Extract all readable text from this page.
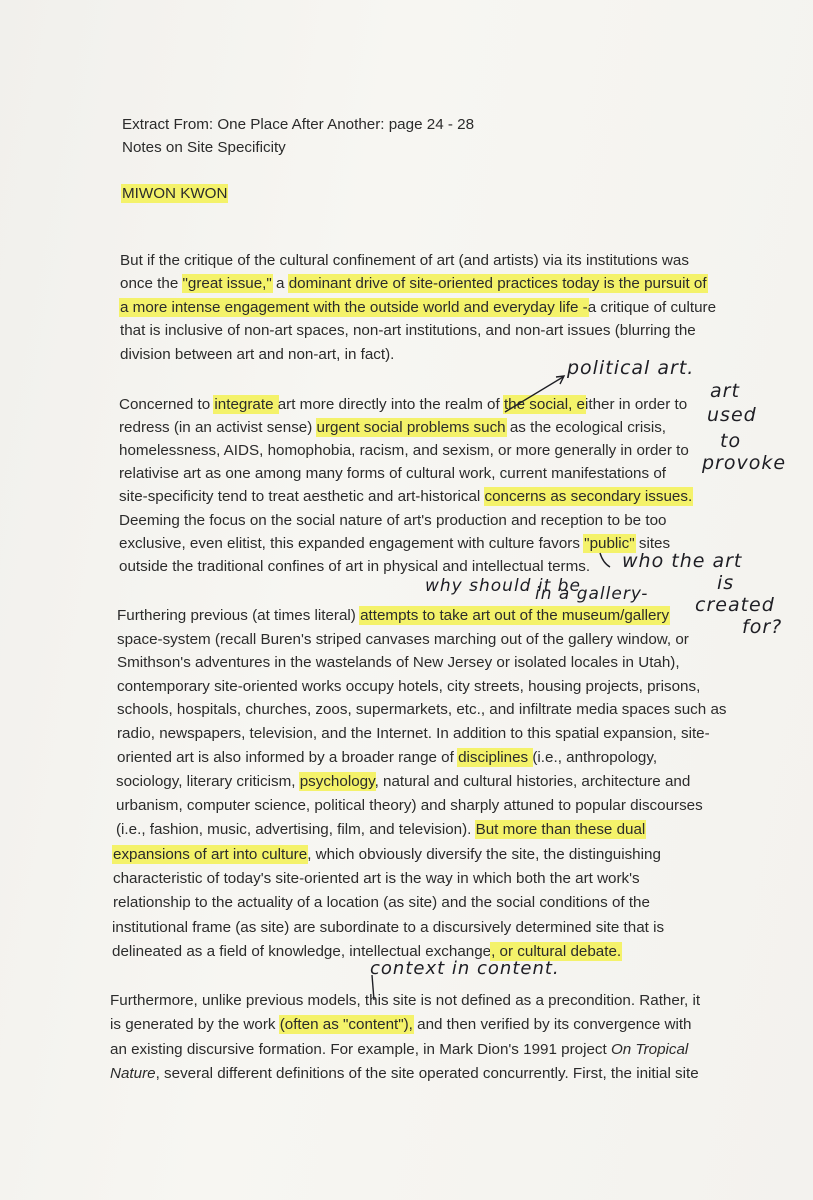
Extract From: One Place After Another: page 24 - 28
Notes on Site Specificity
MIWON KWON
But if the critique of the cultural confinement of art (and artists) via its institutions was
once the "great issue," a dominant drive of site-oriented practices today is the pursuit of
a more intense engagement with the outside world and everyday life -a critique of culture
that is inclusive of non-art spaces, non-art institutions, and non-art issues (blurring the
division between art and non-art, in fact).
Concerned to integrate art more directly into the realm of the social, either in order to
redress (in an activist sense) urgent social problems such as the ecological crisis,
homelessness, AIDS, homophobia, racism, and sexism, or more generally in order to
relativise art as one among many forms of cultural work, current manifestations of
site-specificity tend to treat aesthetic and art-historical concerns as secondary issues.
Deeming the focus on the social nature of art's production and reception to be too
exclusive, even elitist, this expanded engagement with culture favors "public" sites
outside the traditional confines of art in physical and intellectual terms.
Furthering previous (at times literal) attempts to take art out of the museum/gallery
space-system (recall Buren's striped canvases marching out of the gallery window, or
Smithson's adventures in the wastelands of New Jersey or isolated locales in Utah),
contemporary site-oriented works occupy hotels, city streets, housing projects, prisons,
schools, hospitals, churches, zoos, supermarkets, etc., and infiltrate media spaces such as
radio, newspapers, television, and the Internet. In addition to this spatial expansion, site-
oriented art is also informed by a broader range of disciplines (i.e., anthropology,
sociology, literary criticism, psychology, natural and cultural histories, architecture and
urbanism, computer science, political theory) and sharply attuned to popular discourses
(i.e., fashion, music, advertising, film, and television). But more than these dual
expansions of art into culture, which obviously diversify the site, the distinguishing
characteristic of today's site-oriented art is the way in which both the art work's
relationship to the actuality of a location (as site) and the social conditions of the
institutional frame (as site) are subordinate to a discursively determined site that is
delineated as a field of knowledge, intellectual exchange, or cultural debate.
Furthermore, unlike previous models, this site is not defined as a precondition. Rather, it
is generated by the work (often as "content"), and then verified by its convergence with
an existing discursive formation. For example, in Mark Dion's 1991 project On Tropical
Nature, several different definitions of the site operated concurrently. First, the initial site
political art.
art
used
to
provoke
who the art
is
created
for?
why should it be
in a gallery-
context in content.
